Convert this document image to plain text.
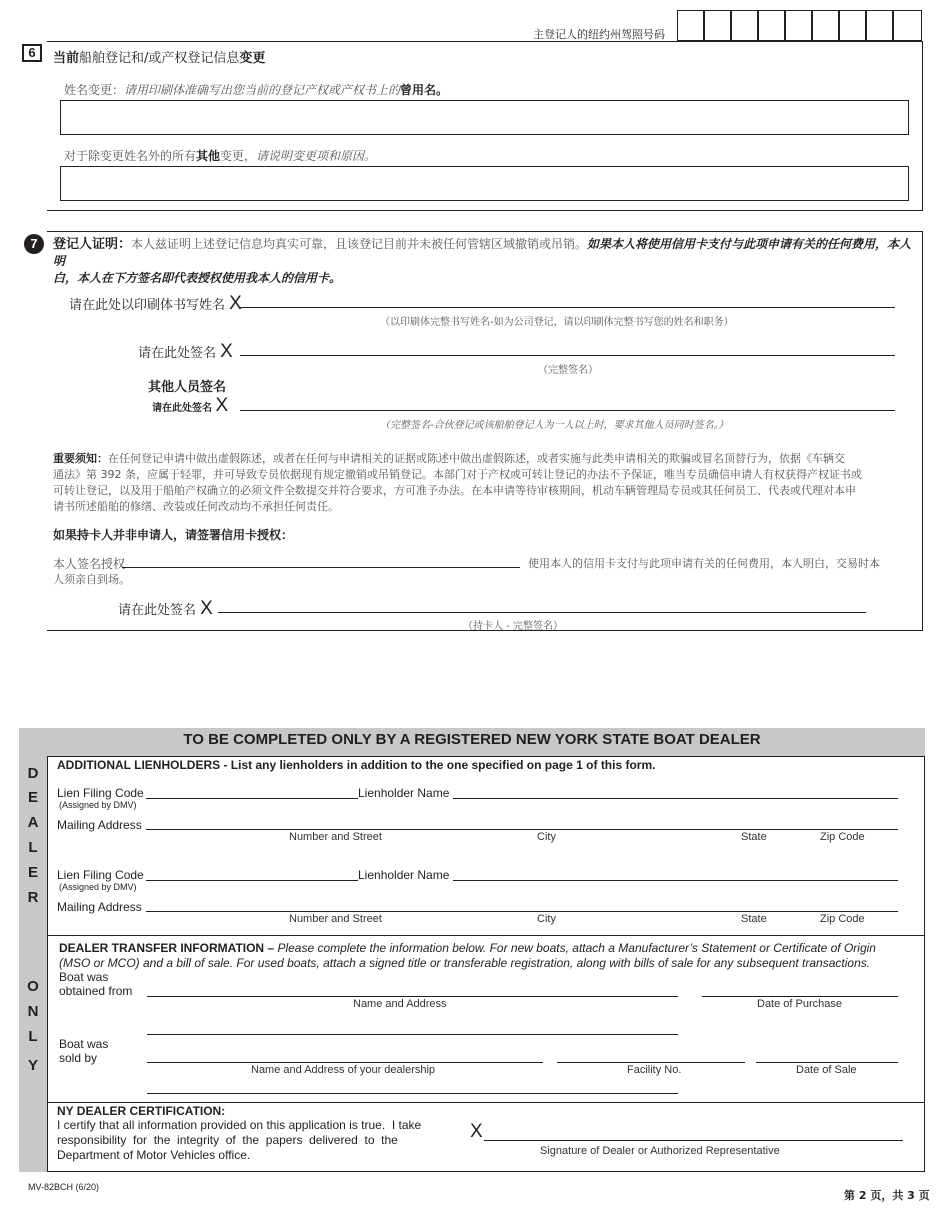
主登记人的纽约州驾照号码
6	当前船舶登记和/或产权登记信息变更
姓名变更：请用印刷体准确写出您当前的登记产权或产权书上的曾用名。
对于除变更姓名外的所有其他变更，请说明变更项和原因。
7	登记人证明：本人兹证明上述登记信息均真实可靠，且该登记目前并未被任何管辖区域撤销或吊销。如果本人将使用信用卡支付与此项申请有关的任何费用，本人明
白，本人在下方签名即代表授权使用我本人的信用卡。
请在此处以印刷体书写姓名 X
（以印刷体完整书写姓名-如为公司登记，请以印刷体完整书写您的姓名和职务）
请在此处签名 X
（完整签名）
其他人员签名
请在此处签名 X
（完整签名-合伙登记或该船舶登记人为一人以上时，要求其他人员同时签名。）
重要须知：在任何登记申请中做出虚假陈述，或者在任何与申请相关的证据或陈述中做出虚假陈述，或者实施与此类申请相关的欺骗或冒名顶替行为，依据《车辆交
通法》第 392 条，应属于轻罪，并可导致专员依据现有规定撤销或吊销登记。本部门对于产权或可转让登记的办法不予保证，唯当专员确信申请人有权获得产权证书或
可转让登记，以及用于船舶产权确立的必须文件全数提交并符合要求，方可准予办法。在本申请等待审核期间，机动车辆管理局专员或其任何员工、代表或代理对本申
请书所述船舶的修缮、改装或任何改动均不承担任何责任。
如果持卡人并非申请人，请签署信用卡授权：
本人签名授权	使用本人的信用卡支付与此项申请有关的任何费用，本人明白，交易时本
人须亲自到场。
请在此处签名 X
（持卡人 - 完整签名）
TO BE COMPLETED ONLY BY A REGISTERED NEW YORK STATE BOAT DEALER
D
E
A
L
E
R
O
N
L
Y
ADDITIONAL LIENHOLDERS - List any lienholders in addition to the one specified on page 1 of this form.
Lien Filing Code
(Assigned by DMV)
Lienholder Name
Mailing Address
Number and Street	City	State	Zip Code
Lien Filing Code
(Assigned by DMV)
Lienholder Name
Mailing Address
Number and Street	City	State	Zip Code
DEALER TRANSFER INFORMATION – Please complete the information below. For new boats, attach a Manufacturer’s Statement or Certificate of Origin
(MSO or MCO) and a bill of sale. For used boats, attach a signed title or transferable registration, along with bills of sale for any subsequent transactions.
Boat was
obtained from
Name and Address	Date of Purchase
Boat was
sold by
Name and Address of your dealership	Facility No.	Date of Sale
NY DEALER CERTIFICATION:
I certify that all information provided on this application is true.  I take
responsibility  for  the  integrity  of  the  papers  delivered  to  the
Department of Motor Vehicles office.
X
Signature of Dealer or Authorized Representative
MV-82BCH (6/20)
第 2 页，共 3 页
